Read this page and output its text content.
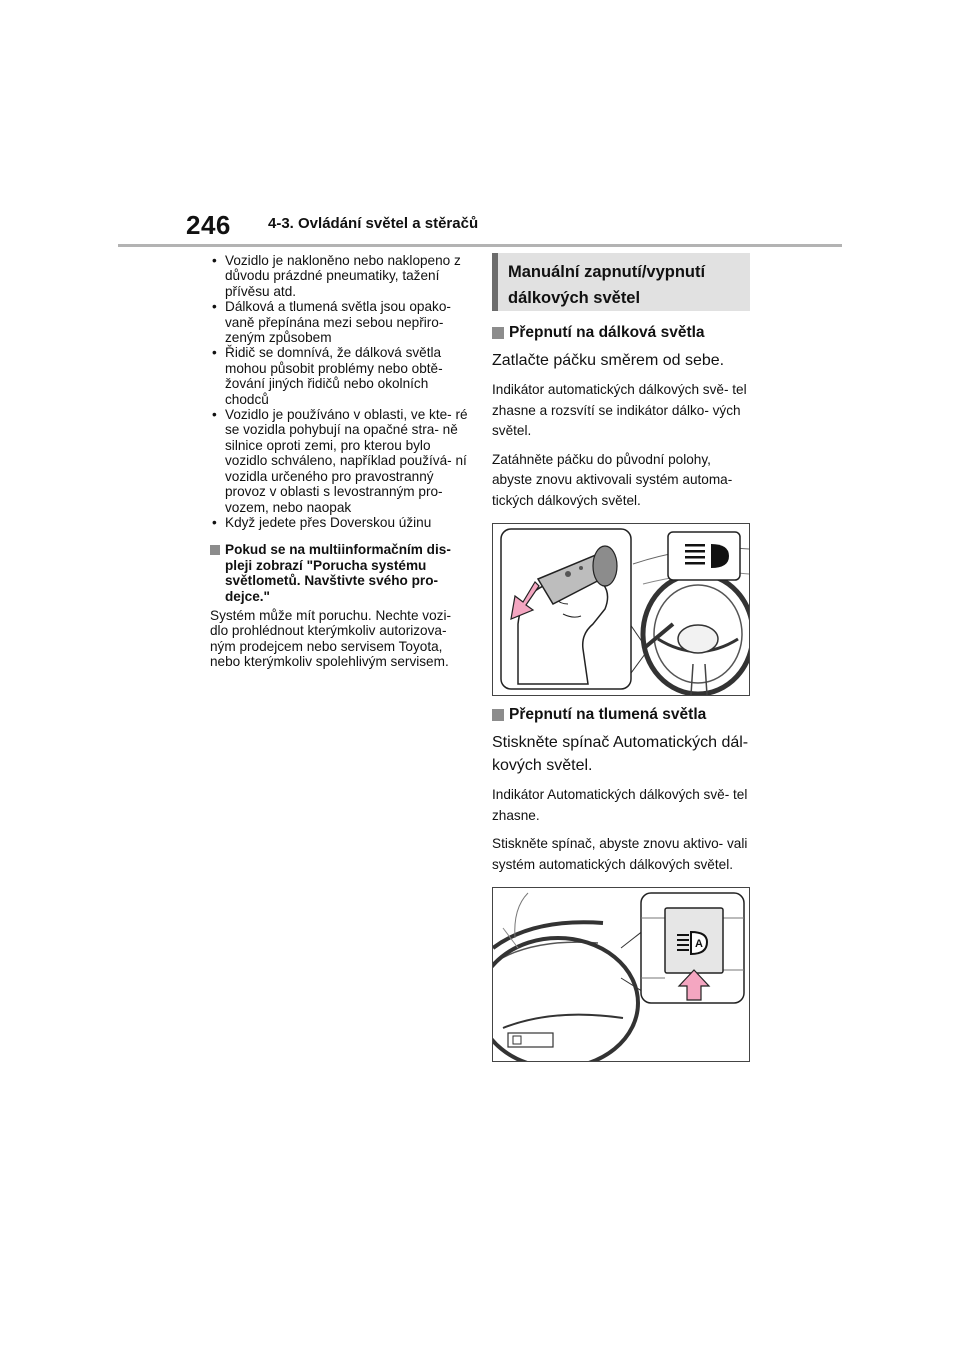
246 4-3. Ovládání světel a stěračů
• Vozidlo je nakloněno nebo naklopeno z důvodu prázdné pneumatiky, tažení přívěsu atd.
• Dálková a tlumená světla jsou opako- vaně přepínána mezi sebou nepřiro- zeným způsobem
• Řidič se domnívá, že dálková světla mohou působit problémy nebo obtě- žování jiných řidičů nebo okolních chodců
• Vozidlo je používáno v oblasti, ve kte- ré se vozidla pohybují na opačné stra- ně silnice oproti zemi, pro kterou bylo vozidlo schváleno, například používá- ní vozidla určeného pro pravostranný provoz v oblasti s levostranným pro- vozem, nebo naopak
• Když jedete přes Doverskou úžinu
Pokud se na multiinformačním dis- pleji zobrazí "Porucha systému světlometů. Navštivte svého pro- dejce."
Systém může mít poruchu. Nechte vozi- dlo prohlédnout kterýmkoliv autorizova- ným prodejcem nebo servisem Toyota, nebo kterýmkoliv spolehlivým servisem.
Manuální zapnutí/vypnutí dálkových světel
Přepnutí na dálková světla
Zatlačte páčku směrem od sebe.
Indikátor automatických dálkových svě- tel zhasne a rozsvítí se indikátor dálko- vých světel.
Zatáhněte páčku do původní polohy, abyste znovu aktivovali systém automa- tických dálkových světel.
Přepnutí na tlumená světla
Stiskněte spínač Automatických dál- kových světel.
Indikátor Automatických dálkových svě- tel zhasne.
Stiskněte spínač, abyste znovu aktivo- vali systém automatických dálkových světel.
A
